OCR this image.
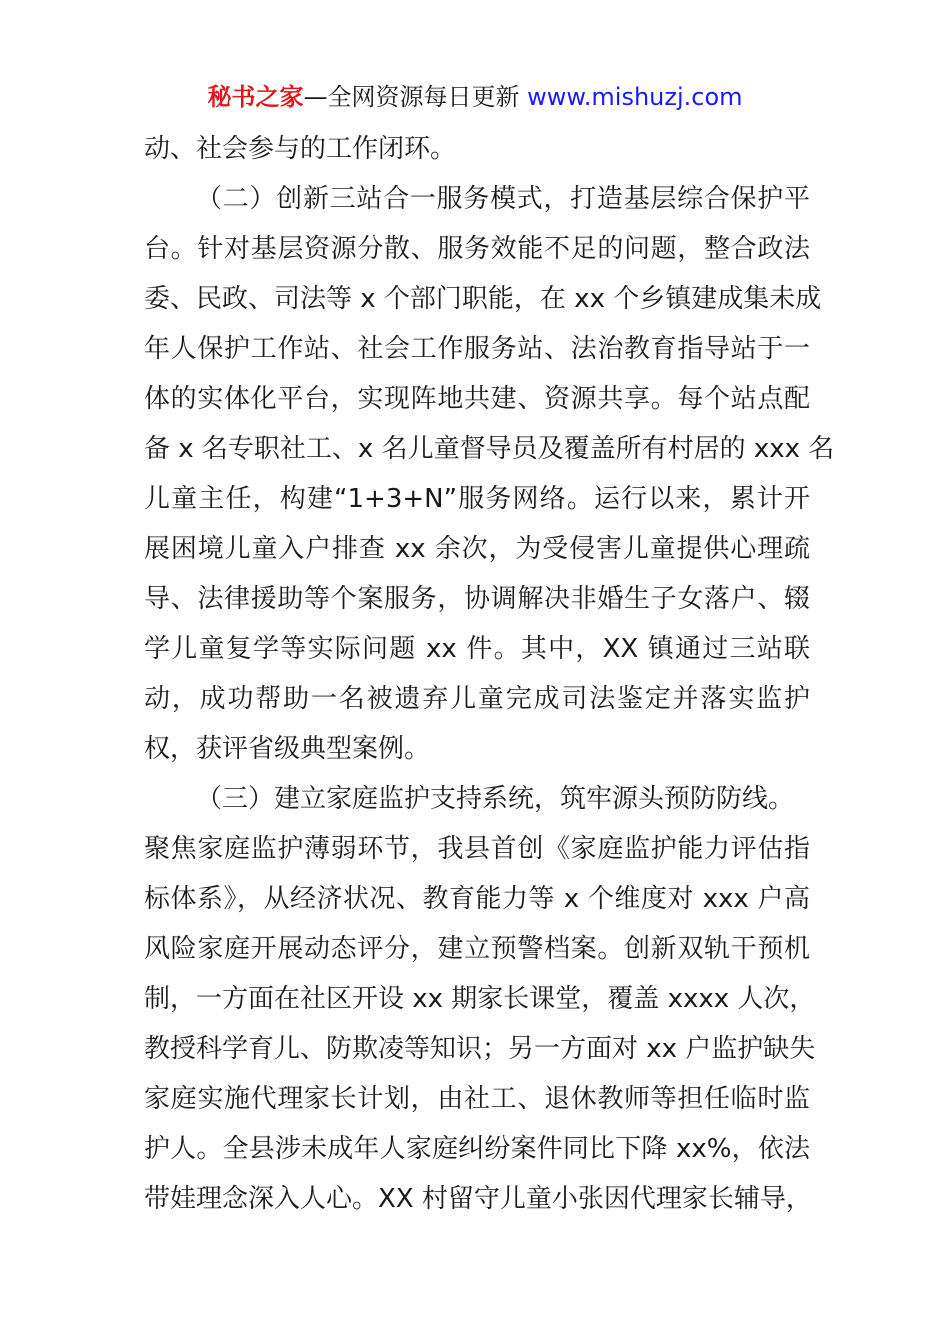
秘书之家—全网资源每日更新 www.mishuzj.com
动、社会参与的工作闭环。
（二）创新三站合一服务模式，打造基层综合保护平
台。针对基层资源分散、服务效能不足的问题，整合政法
委、民政、司法等 x 个部门职能，在 xx 个乡镇建成集未成
年人保护工作站、社会工作服务站、法治教育指导站于一
体的实体化平台，实现阵地共建、资源共享。每个站点配
备 x 名专职社工、x 名儿童督导员及覆盖所有村居的 xxx 名
儿童主任，构建“1+3+N”服务网络。运行以来，累计开
展困境儿童入户排查 xx 余次，为受侵害儿童提供心理疏
导、法律援助等个案服务，协调解决非婚生子女落户、辍
学儿童复学等实际问题 xx 件。其中，XX 镇通过三站联
动，成功帮助一名被遗弃儿童完成司法鉴定并落实监护
权，获评省级典型案例。
（三）建立家庭监护支持系统，筑牢源头预防防线。
聚焦家庭监护薄弱环节，我县首创《家庭监护能力评估指
标体系》，从经济状况、教育能力等 x 个维度对 xxx 户高
风险家庭开展动态评分，建立预警档案。创新双轨干预机
制，一方面在社区开设 xx 期家长课堂，覆盖 xxxx 人次，
教授科学育儿、防欺凌等知识；另一方面对 xx 户监护缺失
家庭实施代理家长计划，由社工、退休教师等担任临时监
护人。全县涉未成年人家庭纠纷案件同比下降 xx%，依法
带娃理念深入人心。XX 村留守儿童小张因代理家长辅导，
